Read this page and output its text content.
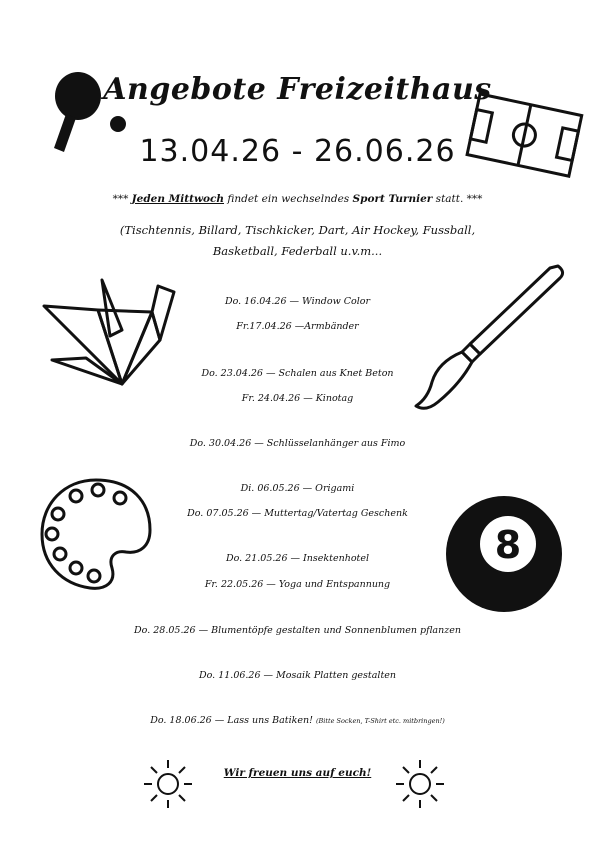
Angebote Freizeithaus
13.04.26 - 26.06.26
*** Jeden Mittwoch findet ein wechselndes Sport Turnier statt. ***
(Tischtennis, Billard, Tischkicker, Dart, Air Hockey, Fussball,
Basketball, Federball u.v.m...
8
Do. 16.04.26 — Window Color
Fr.17.04.26 —Armbänder
Do. 23.04.26 — Schalen aus Knet Beton
Fr. 24.04.26 — Kinotag
Do. 30.04.26 — Schlüsselanhänger aus Fimo
Di. 06.05.26 — Origami
Do. 07.05.26 — Muttertag/Vatertag Geschenk
Do. 21.05.26 — Insektenhotel
Fr. 22.05.26 — Yoga und Entspannung
Do. 28.05.26 — Blumentöpfe gestalten und Sonnenblumen pflanzen
Do. 11.06.26 — Mosaik Platten gestalten
Do. 18.06.26 — Lass uns Batiken! (Bitte Socken, T-Shirt etc. mitbringen!)
Wir freuen uns auf euch!
